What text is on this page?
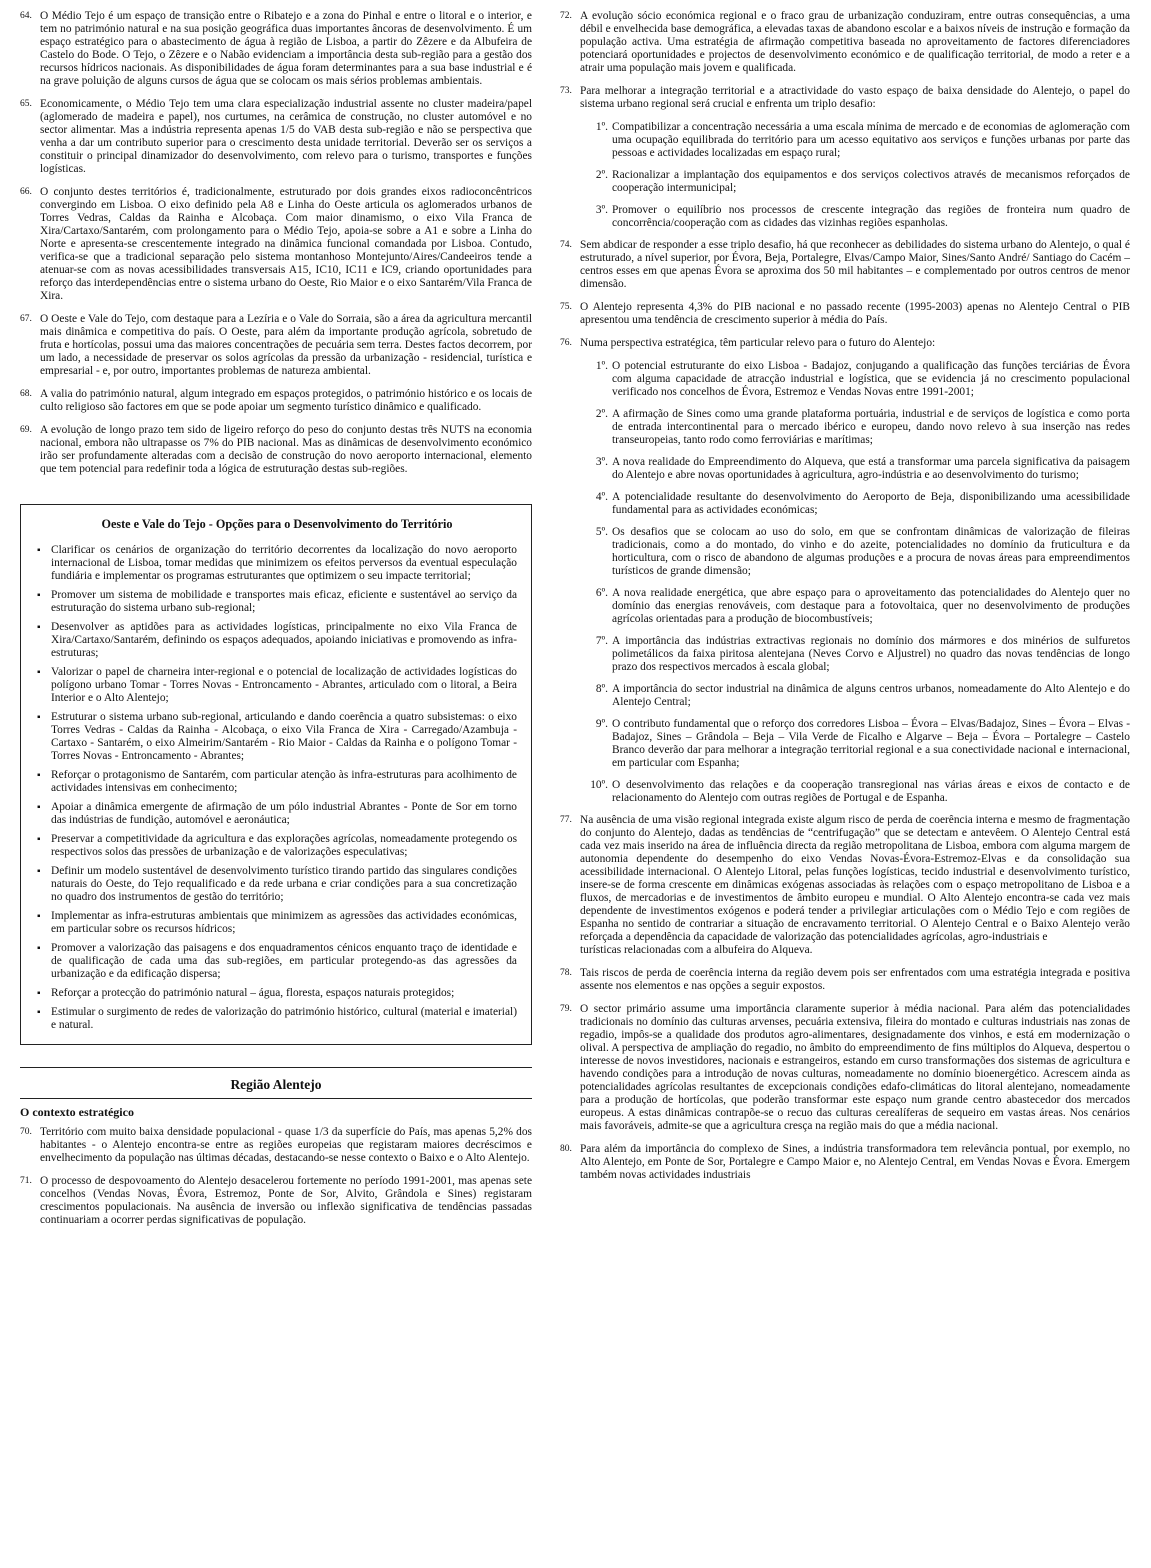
64. O Médio Tejo é um espaço de transição entre o Ribatejo e a zona do Pinhal e entre o litoral e o interior, e tem no património natural e na sua posição geográfica duas importantes âncoras de desenvolvimento. É um espaço estratégico para o abastecimento de água à região de Lisboa, a partir do Zêzere e da Albufeira de Castelo do Bode. O Tejo, o Zêzere e o Nabão evidenciam a importância desta sub-região para a gestão dos recursos hídricos nacionais. As disponibilidades de água foram determinantes para a sua base industrial e é na grave poluição de alguns cursos de água que se colocam os mais sérios problemas ambientais.
65. Economicamente, o Médio Tejo tem uma clara especialização industrial assente no cluster madeira/papel (aglomerado de madeira e papel), nos curtumes, na cerâmica de construção, no cluster automóvel e no sector alimentar. Mas a indústria representa apenas 1/5 do VAB desta sub-região e não se perspectiva que venha a dar um contributo superior para o crescimento desta unidade territorial. Deverão ser os serviços a constituir o principal dinamizador do desenvolvimento, com relevo para o turismo, transportes e funções logísticas.
66. O conjunto destes territórios é, tradicionalmente, estruturado por dois grandes eixos radioconcêntricos convergindo em Lisboa. O eixo definido pela A8 e Linha do Oeste articula os aglomerados urbanos de Torres Vedras, Caldas da Rainha e Alcobaça. Com maior dinamismo, o eixo Vila Franca de Xira/Cartaxo/Santarém, com prolongamento para o Médio Tejo, apoia-se sobre a A1 e sobre a Linha do Norte e apresenta-se crescentemente integrado na dinâmica funcional comandada por Lisboa. Contudo, verifica-se que a tradicional separação pelo sistema montanhoso Montejunto/Aires/Candeeiros tende a atenuar-se com as novas acessibilidades transversais A15, IC10, IC11 e IC9, criando oportunidades para reforço das interdependências entre o sistema urbano do Oeste, Rio Maior e o eixo Santarém/Vila Franca de Xira.
67. O Oeste e Vale do Tejo, com destaque para a Lezíria e o Vale do Sorraia, são a área da agricultura mercantil mais dinâmica e competitiva do país. O Oeste, para além da importante produção agrícola, sobretudo de fruta e hortícolas, possui uma das maiores concentrações de pecuária sem terra. Destes factos decorrem, por um lado, a necessidade de preservar os solos agrícolas da pressão da urbanização - residencial, turística e empresarial - e, por outro, importantes problemas de natureza ambiental.
68. A valia do património natural, algum integrado em espaços protegidos, o património histórico e os locais de culto religioso são factores em que se pode apoiar um segmento turístico dinâmico e qualificado.
69. A evolução de longo prazo tem sido de ligeiro reforço do peso do conjunto destas três NUTS na economia nacional, embora não ultrapasse os 7% do PIB nacional. Mas as dinâmicas de desenvolvimento económico irão ser profundamente alteradas com a decisão de construção do novo aeroporto internacional, elemento que tem potencial para redefinir toda a lógica de estruturação destas sub-regiões.
Oeste e Vale do Tejo - Opções para o Desenvolvimento do Território
▪ Clarificar os cenários de organização do território decorrentes da localização do novo aeroporto internacional de Lisboa, tomar medidas que minimizem os efeitos perversos da eventual especulação fundiária e implementar os programas estruturantes que optimizem o seu impacte territorial;
▪ Promover um sistema de mobilidade e transportes mais eficaz, eficiente e sustentável ao serviço da estruturação do sistema urbano sub-regional;
▪ Desenvolver as aptidões para as actividades logísticas, principalmente no eixo Vila Franca de Xira/Cartaxo/Santarém, definindo os espaços adequados, apoiando iniciativas e promovendo as infra-estruturas;
▪ Valorizar o papel de charneira inter-regional e o potencial de localização de actividades logísticas do polígono urbano Tomar - Torres Novas - Entroncamento - Abrantes, articulado com o litoral, a Beira Interior e o Alto Alentejo;
▪ Estruturar o sistema urbano sub-regional, articulando e dando coerência a quatro subsistemas: o eixo Torres Vedras - Caldas da Rainha - Alcobaça, o eixo Vila Franca de Xira - Carregado/Azambuja - Cartaxo - Santarém, o eixo Almeirim/Santarém - Rio Maior - Caldas da Rainha e o polígono Tomar - Torres Novas - Entroncamento - Abrantes;
▪ Reforçar o protagonismo de Santarém, com particular atenção às infra-estruturas para acolhimento de actividades intensivas em conhecimento;
▪ Apoiar a dinâmica emergente de afirmação de um pólo industrial Abrantes - Ponte de Sor em torno das indústrias de fundição, automóvel e aeronáutica;
▪ Preservar a competitividade da agricultura e das explorações agrícolas, nomeadamente protegendo os respectivos solos das pressões de urbanização e de valorizações especulativas;
▪ Definir um modelo sustentável de desenvolvimento turístico tirando partido das singulares condições naturais do Oeste, do Tejo requalificado e da rede urbana e criar condições para a sua concretização no quadro dos instrumentos de gestão do território;
▪ Implementar as infra-estruturas ambientais que minimizem as agressões das actividades económicas, em particular sobre os recursos hídricos;
▪ Promover a valorização das paisagens e dos enquadramentos cénicos enquanto traço de identidade e de qualificação de cada uma das sub-regiões, em particular protegendo-as das agressões da urbanização e da edificação dispersa;
▪ Reforçar a protecção do património natural – água, floresta, espaços naturais protegidos;
▪ Estimular o surgimento de redes de valorização do património histórico, cultural (material e imaterial) e natural.
Região Alentejo
O contexto estratégico
70. Território com muito baixa densidade populacional - quase 1/3 da superfície do País, mas apenas 5,2% dos habitantes - o Alentejo encontra-se entre as regiões europeias que registaram maiores decréscimos e envelhecimento da população nas últimas décadas, destacando-se nesse contexto o Baixo e o Alto Alentejo.
71. O processo de despovoamento do Alentejo desacelerou fortemente no período 1991-2001, mas apenas sete concelhos (Vendas Novas, Évora, Estremoz, Ponte de Sor, Alvito, Grândola e Sines) registaram crescimentos populacionais. Na ausência de inversão ou inflexão significativa de tendências passadas continuariam a ocorrer perdas significativas de população.
72. A evolução sócio económica regional e o fraco grau de urbanização conduziram, entre outras consequências, a uma débil e envelhecida base demográfica, a elevadas taxas de abandono escolar e a baixos níveis de instrução e formação da população activa. Uma estratégia de afirmação competitiva baseada no aproveitamento de factores diferenciadores potenciará oportunidades e projectos de desenvolvimento económico e de qualificação territorial, de modo a reter e a atrair uma população mais jovem e qualificada.
73. Para melhorar a integração territorial e a atractividade do vasto espaço de baixa densidade do Alentejo, o papel do sistema urbano regional será crucial e enfrenta um triplo desafio:
1º. Compatibilizar a concentração necessária a uma escala mínima de mercado e de economias de aglomeração com uma ocupação equilibrada do território para um acesso equitativo aos serviços e funções urbanas por parte das pessoas e actividades localizadas em espaço rural;
2º. Racionalizar a implantação dos equipamentos e dos serviços colectivos através de mecanismos reforçados de cooperação intermunicipal;
3º. Promover o equilíbrio nos processos de crescente integração das regiões de fronteira num quadro de concorrência/cooperação com as cidades das vizinhas regiões espanholas.
74. Sem abdicar de responder a esse triplo desafio, há que reconhecer as debilidades do sistema urbano do Alentejo, o qual é estruturado, a nível superior, por Évora, Beja, Portalegre, Elvas/Campo Maior, Sines/Santo André/ Santiago do Cacém – centros esses em que apenas Évora se aproxima dos 50 mil habitantes – e complementado por outros centros de menor dimensão.
75. O Alentejo representa 4,3% do PIB nacional e no passado recente (1995-2003) apenas no Alentejo Central o PIB apresentou uma tendência de crescimento superior à média do País.
76. Numa perspectiva estratégica, têm particular relevo para o futuro do Alentejo:
1º. O potencial estruturante do eixo Lisboa - Badajoz, conjugando a qualificação das funções terciárias de Évora com alguma capacidade de atracção industrial e logística, que se evidencia já no crescimento populacional verificado nos concelhos de Évora, Estremoz e Vendas Novas entre 1991-2001;
2º. A afirmação de Sines como uma grande plataforma portuária, industrial e de serviços de logística e como porta de entrada intercontinental para o mercado ibérico e europeu, dando novo relevo à sua inserção nas redes transeuropeias, tanto rodo como ferroviárias e marítimas;
3º. A nova realidade do Empreendimento do Alqueva, que está a transformar uma parcela significativa da paisagem do Alentejo e abre novas oportunidades à agricultura, agro-indústria e ao desenvolvimento do turismo;
4º. A potencialidade resultante do desenvolvimento do Aeroporto de Beja, disponibilizando uma acessibilidade fundamental para as actividades económicas;
5º. Os desafios que se colocam ao uso do solo, em que se confrontam dinâmicas de valorização de fileiras tradicionais, como a do montado, do vinho e do azeite, potencialidades no domínio da fruticultura e da horticultura, com o risco de abandono de algumas produções e a procura de novas áreas para empreendimentos turísticos de grande dimensão;
6º. A nova realidade energética, que abre espaço para o aproveitamento das potencialidades do Alentejo quer no domínio das energias renováveis, com destaque para a fotovoltaica, quer no desenvolvimento de produções agrícolas orientadas para a produção de biocombustíveis;
7º. A importância das indústrias extractivas regionais no domínio dos mármores e dos minérios de sulfuretos polimetálicos da faixa piritosa alentejana (Neves Corvo e Aljustrel) no quadro das novas tendências de longo prazo dos respectivos mercados à escala global;
8º. A importância do sector industrial na dinâmica de alguns centros urbanos, nomeadamente do Alto Alentejo e do Alentejo Central;
9º. O contributo fundamental que o reforço dos corredores Lisboa – Évora – Elvas/Badajoz, Sines – Évora – Elvas - Badajoz, Sines – Grândola – Beja – Vila Verde de Ficalho e Algarve – Beja – Évora – Portalegre – Castelo Branco deverão dar para melhorar a integração territorial regional e a sua conectividade nacional e internacional, em particular com Espanha;
10º. O desenvolvimento das relações e da cooperação transregional nas várias áreas e eixos de contacto e de relacionamento do Alentejo com outras regiões de Portugal e de Espanha.
77. Na ausência de uma visão regional integrada existe algum risco de perda de coerência interna e mesmo de fragmentação do conjunto do Alentejo, dadas as tendências de “centrifugação” que se detectam e antevêem. O Alentejo Central está cada vez mais inserido na área de influência directa da região metropolitana de Lisboa, embora com alguma margem de autonomia dependente do desempenho do eixo Vendas Novas-Évora-Estremoz-Elvas e da consolidação sua acessibilidade internacional. O Alentejo Litoral, pelas funções logísticas, tecido industrial e desenvolvimento turístico, insere-se de forma crescente em dinâmicas exógenas associadas às relações com o espaço metropolitano de Lisboa e a fluxos, de mercadorias e de investimentos de âmbito europeu e mundial. O Alto Alentejo encontra-se cada vez mais dependente de investimentos exógenos e poderá tender a privilegiar articulações com o Médio Tejo e com regiões de Espanha no sentido de contrariar a situação de encravamento territorial. O Alentejo Central e o Baixo Alentejo verão reforçada a dependência da capacidade de valorização das potencialidades agrícolas, agro-industriais e
turísticas relacionadas com a albufeira do Alqueva.
78. Tais riscos de perda de coerência interna da região devem pois ser enfrentados com uma estratégia integrada e positiva assente nos elementos e nas opções a seguir expostos.
79. O sector primário assume uma importância claramente superior à média nacional. Para além das potencialidades tradicionais no domínio das culturas arvenses, pecuária extensiva, fileira do montado e culturas industriais nas zonas de regadio, impôs-se a qualidade dos produtos agro-alimentares, designadamente dos vinhos, e está em modernização o olival. A perspectiva de ampliação do regadio, no âmbito do empreendimento de fins múltiplos do Alqueva, despertou o interesse de novos investidores, nacionais e estrangeiros, estando em curso transformações dos sistemas de agricultura e havendo condições para a introdução de novas culturas, nomeadamente no domínio bioenergético. Acrescem ainda as potencialidades agrícolas resultantes de excepcionais condições edafo-climáticas do litoral alentejano, nomeadamente para a produção de hortícolas, que poderão transformar este espaço num grande centro abastecedor dos mercados europeus. A estas dinâmicas contrapõe-se o recuo das culturas cerealíferas de sequeiro em vastas áreas. Nos cenários mais favoráveis, admite-se que a agricultura cresça na região mais do que a média nacional.
80. Para além da importância do complexo de Sines, a indústria transformadora tem relevância pontual, por exemplo, no Alto Alentejo, em Ponte de Sor, Portalegre e Campo Maior e, no Alentejo Central, em Vendas Novas e Évora. Emergem também novas actividades industriais
